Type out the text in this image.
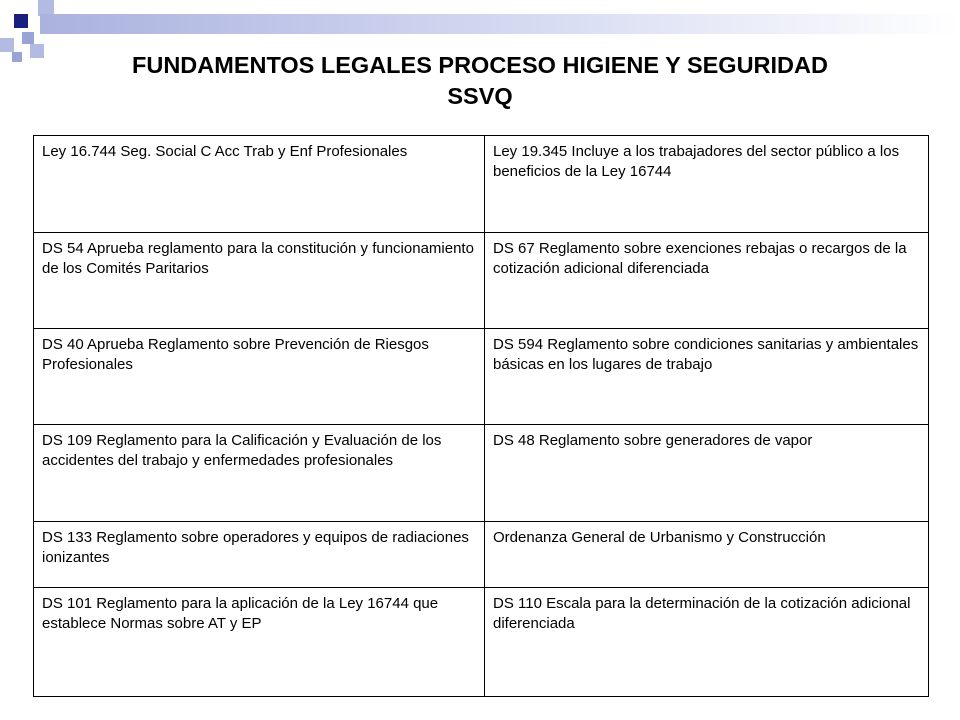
FUNDAMENTOS LEGALES PROCESO HIGIENE Y SEGURIDAD
SSVQ
Ley 16.744 Seg. Social C Acc Trab y Enf Profesionales	Ley 19.345 Incluye a los trabajadores del sector público a los beneficios de la Ley 16744
DS 54 Aprueba reglamento para la constitución y funcionamiento de los Comités Paritarios	DS 67 Reglamento sobre exenciones rebajas o recargos de la cotización adicional diferenciada
DS 40 Aprueba Reglamento sobre Prevención de Riesgos Profesionales	DS 594 Reglamento sobre condiciones sanitarias y ambientales básicas en los lugares de trabajo
DS 109 Reglamento para la Calificación y Evaluación de los accidentes del trabajo y enfermedades profesionales	DS 48 Reglamento sobre generadores de vapor
DS 133 Reglamento sobre operadores y equipos de radiaciones ionizantes	Ordenanza General de Urbanismo y Construcción
DS 101 Reglamento para la aplicación de la Ley 16744 que establece Normas sobre AT y EP	DS 110 Escala para la determinación de la cotización adicional diferenciada
